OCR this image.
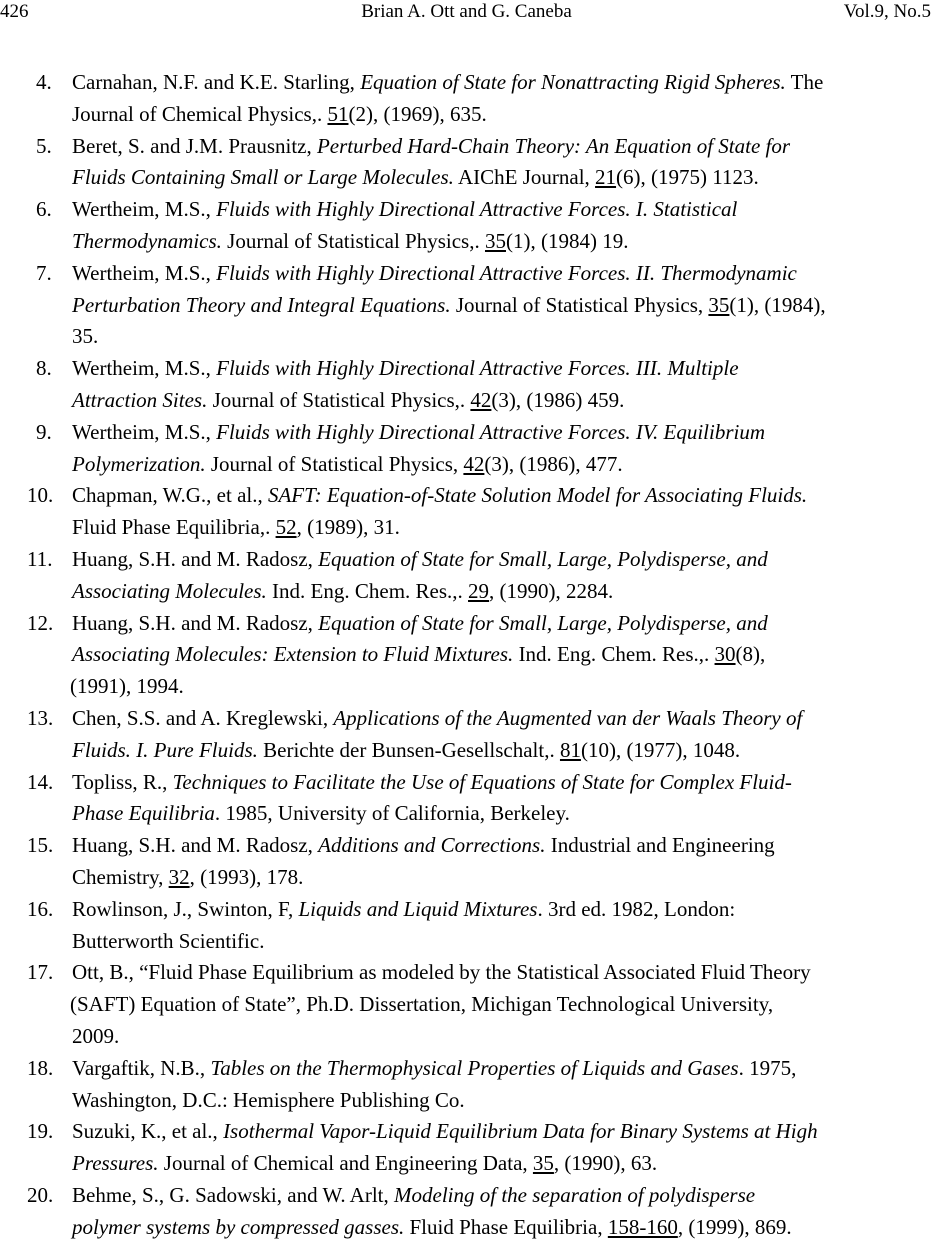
426	Brian A. Ott and G. Caneba	Vol.9, No.5
4. Carnahan, N.F. and K.E. Starling, Equation of State for Nonattracting Rigid Spheres. The
Journal of Chemical Physics,. 51(2), (1969), 635.
5. Beret, S. and J.M. Prausnitz, Perturbed Hard-Chain Theory: An Equation of State for
Fluids Containing Small or Large Molecules. AIChE Journal, 21(6), (1975) 1123.
6. Wertheim, M.S., Fluids with Highly Directional Attractive Forces. I. Statistical
Thermodynamics. Journal of Statistical Physics,. 35(1), (1984) 19.
7. Wertheim, M.S., Fluids with Highly Directional Attractive Forces. II. Thermodynamic
Perturbation Theory and Integral Equations. Journal of Statistical Physics, 35(1), (1984),
35.
8. Wertheim, M.S., Fluids with Highly Directional Attractive Forces. III. Multiple
Attraction Sites. Journal of Statistical Physics,. 42(3), (1986) 459.
9. Wertheim, M.S., Fluids with Highly Directional Attractive Forces. IV. Equilibrium
Polymerization. Journal of Statistical Physics, 42(3), (1986), 477.
10. Chapman, W.G., et al., SAFT: Equation-of-State Solution Model for Associating Fluids.
Fluid Phase Equilibria,. 52, (1989), 31.
11. Huang, S.H. and M. Radosz, Equation of State for Small, Large, Polydisperse, and
Associating Molecules. Ind. Eng. Chem. Res.,. 29, (1990), 2284.
12. Huang, S.H. and M. Radosz, Equation of State for Small, Large, Polydisperse, and
Associating Molecules: Extension to Fluid Mixtures. Ind. Eng. Chem. Res.,. 30(8),
(1991), 1994.
13. Chen, S.S. and A. Kreglewski, Applications of the Augmented van der Waals Theory of
Fluids. I. Pure Fluids. Berichte der Bunsen-Gesellschalt,. 81(10), (1977), 1048.
14. Topliss, R., Techniques to Facilitate the Use of Equations of State for Complex Fluid-
Phase Equilibria. 1985, University of California, Berkeley.
15. Huang, S.H. and M. Radosz, Additions and Corrections. Industrial and Engineering
Chemistry, 32, (1993), 178.
16. Rowlinson, J., Swinton, F, Liquids and Liquid Mixtures. 3rd ed. 1982, London:
Butterworth Scientific.
17. Ott, B., “Fluid Phase Equilibrium as modeled by the Statistical Associated Fluid Theory
(SAFT) Equation of State”, Ph.D. Dissertation, Michigan Technological University,
2009.
18. Vargaftik, N.B., Tables on the Thermophysical Properties of Liquids and Gases. 1975,
Washington, D.C.: Hemisphere Publishing Co.
19. Suzuki, K., et al., Isothermal Vapor-Liquid Equilibrium Data for Binary Systems at High
Pressures. Journal of Chemical and Engineering Data, 35, (1990), 63.
20. Behme, S., G. Sadowski, and W. Arlt, Modeling of the separation of polydisperse
polymer systems by compressed gasses. Fluid Phase Equilibria, 158-160, (1999), 869.
